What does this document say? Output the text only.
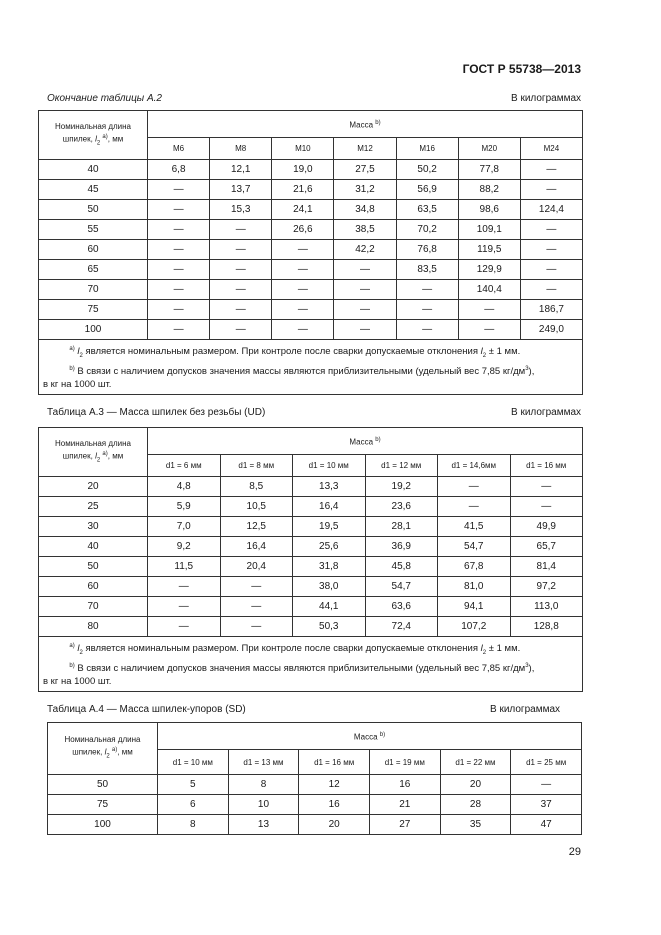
ГОСТ Р 55738—2013
Окончание таблицы А.2	В килограммах
Номинальная длина
шпилек, $l_2$ $^{a)}$, мм	Масса $^{b)}$
	M6	M8	M10	M12	M16	M20	M24
40	6,8	12,1	19,0	27,5	50,2	77,8	—
45	—	13,7	21,6	31,2	56,9	88,2	—
50	—	15,3	24,1	34,8	63,5	98,6	124,4
55	—	—	26,6	38,5	70,2	109,1	—
60	—	—	—	42,2	76,8	119,5	—
65	—	—	—	—	83,5	129,9	—
70	—	—	—	—	—	140,4	—
75	—	—	—	—	—	—	186,7
100	—	—	—	—	—	—	249,0

$^{a)}$ $l_2$ является номинальным размером. При контроле после сварки допускаемые отклонения $l_2 \pm 1$ мм.
$^{b)}$ В связи с наличием допусков значения массы являются приблизительными (удельный вес 7,85 $кг/дм^3$),
в кг на 1000 шт.							
Таблица А.3 — Масса шпилек без резьбы (UD)	В килограммах
Номинальная длина
шпилек, $l_2$ $^{a)}$, мм	Масса $^{b)}$
	d1 = 6 мм	d1 = 8 мм	d1 = 10 мм	d1 = 12 мм	d1 = 14,6мм	d1 = 16 мм
20	4,8	8,5	13,3	19,2	—	—
25	5,9	10,5	16,4	23,6	—	—
30	7,0	12,5	19,5	28,1	41,5	49,9
40	9,2	16,4	25,6	36,9	54,7	65,7
50	11,5	20,4	31,8	45,8	67,8	81,4
60	—	—	38,0	54,7	81,0	97,2
70	—	—	44,1	63,6	94,1	113,0
80	—	—	50,3	72,4	107,2	128,8

$^{a)}$ $l_2$ является номинальным размером. При контроле после сварки допускаемые отклонения $l_2 \pm 1$ мм.
$^{b)}$ В связи с наличием допусков значения массы являются приблизительными (удельный вес 7,85 $кг/дм^3$),
в кг на 1000 шт.						
Таблица А.4 — Масса шпилек-упоров (SD)	В килограммах
Номинальная длина
шпилек, $l_2$ $^{a)}$, мм	Масса $^{b)}$
	d1 = 10 мм	d1 = 13 мм	d1 = 16 мм	d1 = 19 мм	d1 = 22 мм	d1 = 25 мм
50	5	8	12	16	20	—
75	6	10	16	21	28	37
100	8	13	20	27	35	47
29
